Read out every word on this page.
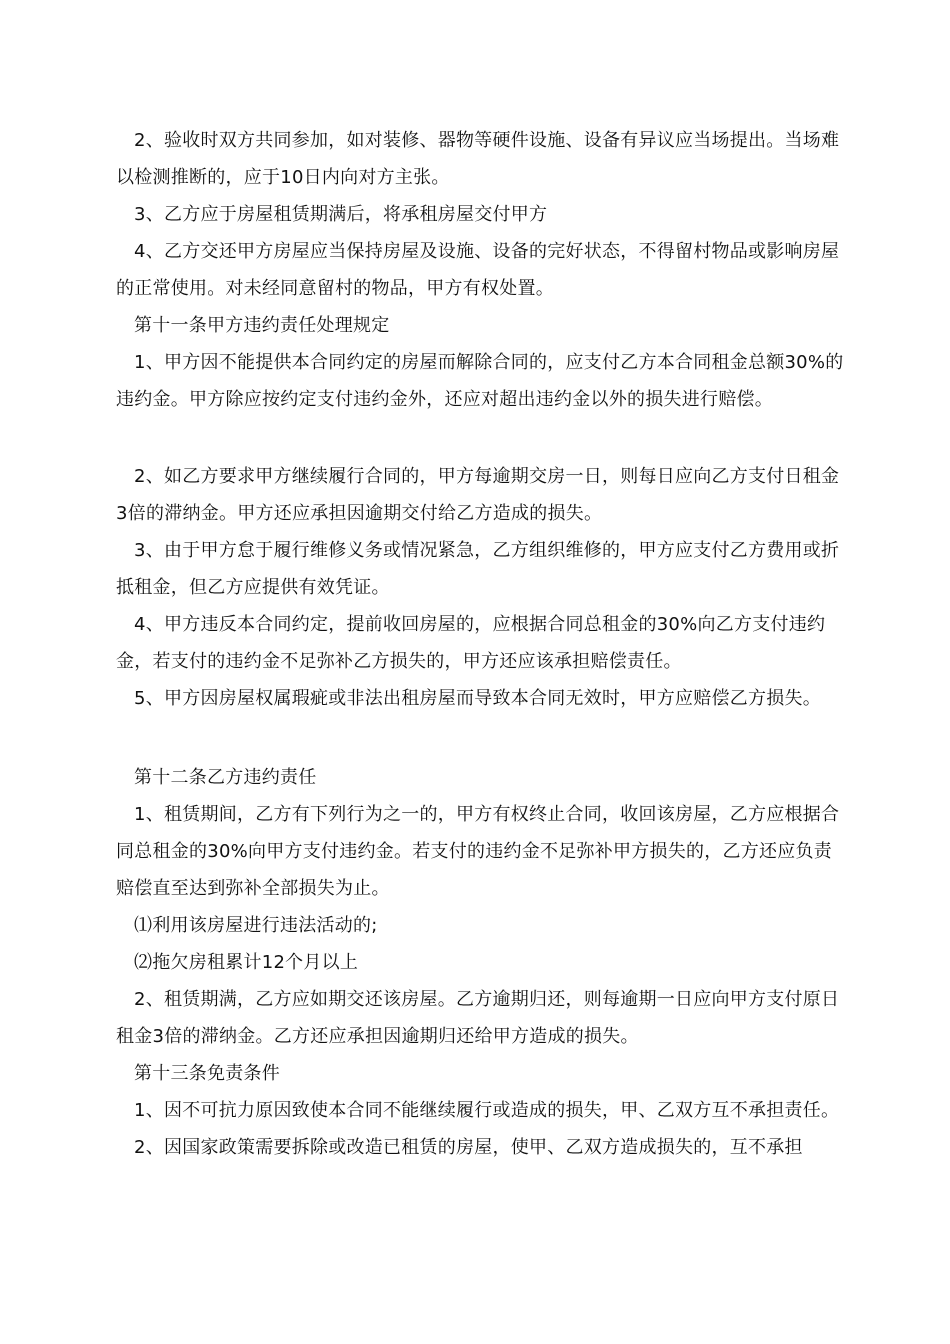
2、验收时双方共同参加，如对装修、器物等硬件设施、设备有异议应当场提出。当场难以检测推断的，应于10日内向对方主张。

3、乙方应于房屋租赁期满后，将承租房屋交付甲方

4、乙方交还甲方房屋应当保持房屋及设施、设备的完好状态，不得留村物品或影响房屋的正常使用。对未经同意留村的物品，甲方有权处置。

第十一条甲方违约责任处理规定

1、甲方因不能提供本合同约定的房屋而解除合同的，应支付乙方本合同租金总额30%的违约金。甲方除应按约定支付违约金外，还应对超出违约金以外的损失进行赔偿。

2、如乙方要求甲方继续履行合同的，甲方每逾期交房一日，则每日应向乙方支付日租金3倍的滞纳金。甲方还应承担因逾期交付给乙方造成的损失。

3、由于甲方怠于履行维修义务或情况紧急，乙方组织维修的，甲方应支付乙方费用或折抵租金，但乙方应提供有效凭证。

4、甲方违反本合同约定，提前收回房屋的，应根据合同总租金的30%向乙方支付违约金，若支付的违约金不足弥补乙方损失的，甲方还应该承担赔偿责任。

5、甲方因房屋权属瑕疵或非法出租房屋而导致本合同无效时，甲方应赔偿乙方损失。

第十二条乙方违约责任

1、租赁期间，乙方有下列行为之一的，甲方有权终止合同，收回该房屋，乙方应根据合同总租金的30%向甲方支付违约金。若支付的违约金不足弥补甲方损失的，乙方还应负责赔偿直至达到弥补全部损失为止。

⑴利用该房屋进行违法活动的;

⑵拖欠房租累计12个月以上

2、租赁期满，乙方应如期交还该房屋。乙方逾期归还，则每逾期一日应向甲方支付原日租金3倍的滞纳金。乙方还应承担因逾期归还给甲方造成的损失。

第十三条免责条件

1、因不可抗力原因致使本合同不能继续履行或造成的损失，甲、乙双方互不承担责任。

2、因国家政策需要拆除或改造已租赁的房屋，使甲、乙双方造成损失的，互不承担
